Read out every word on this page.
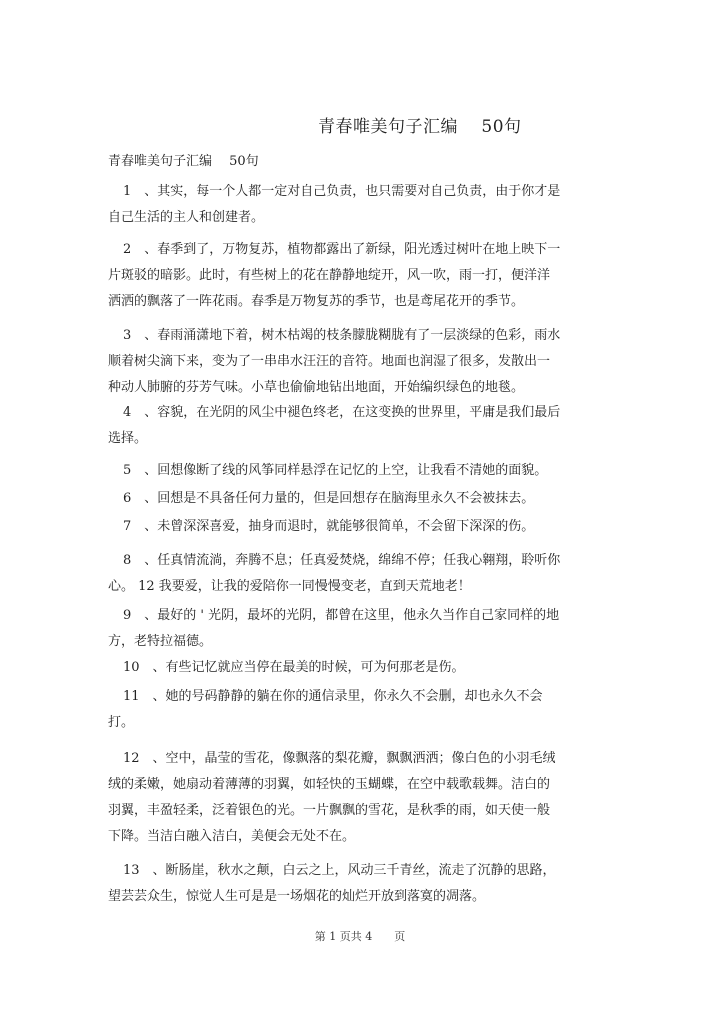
青春唯美句子汇编　 50句
青春唯美句子汇编　 50句
1　、其实，每一个人都一定对自己负责，也只需要对自己负责，由于你才是
自己生活的主人和创建者。
2　、春季到了，万物复苏，植物都露出了新绿，阳光透过树叶在地上映下一
片斑驳的暗影。此时，有些树上的花在静静地绽开，风一吹，雨一打，便洋洋
洒洒的飘落了一阵花雨。春季是万物复苏的季节，也是鸢尾花开的季节。
3　、春雨涌潇地下着，树木枯竭的枝条朦胧糊胧有了一层淡绿的色彩，雨水
顺着树尖滴下来，变为了一串串水汪汪的音符。地面也润湿了很多，发散出一
种动人肺腑的芬芳气味。小草也偷偷地钻出地面，开始编织绿色的地毯。
4　、容貌，在光阴的风尘中褪色终老，在这变换的世界里，平庸是我们最后
选择。
5　、回想像断了线的风筝同样悬浮在记忆的上空，让我看不清她的面貌。
6　、回想是不具备任何力量的，但是回想存在脑海里永久不会被抹去。
7　、未曾深深喜爱，抽身而退时，就能够很简单，不会留下深深的伤。
8　、任真情流淌，奔腾不息；任真爱焚烧，绵绵不停；任我心翱翔，聆听你
心。 12 我要爱，让我的爱陪你一同慢慢变老，直到天荒地老！
9　、最好的 ' 光阴，最坏的光阴，都曾在这里，他永久当作自己家同样的地
方，老特拉福德。
10　、有些记忆就应当停在最美的时候，可为何那老是伤。
11　、她的号码静静的躺在你的通信录里，你永久不会删，却也永久不会
打。
12　、空中，晶莹的雪花，像飘落的梨花瓣，飘飘洒洒；像白色的小羽毛绒
绒的柔嫩，她扇动着薄薄的羽翼，如轻快的玉蝴蝶，在空中载歌载舞。洁白的
羽翼，丰盈轻柔，泛着银色的光。一片飘飘的雪花，是秋季的雨，如天使一般
下降。当洁白融入洁白，美便会无处不在。
13　、断肠崖，秋水之颠，白云之上，风动三千青丝，流走了沉静的思路，
望芸芸众生，惊觉人生可是是一场烟花的灿烂开放到落寞的凋落。
第 1 页共 4　　页
